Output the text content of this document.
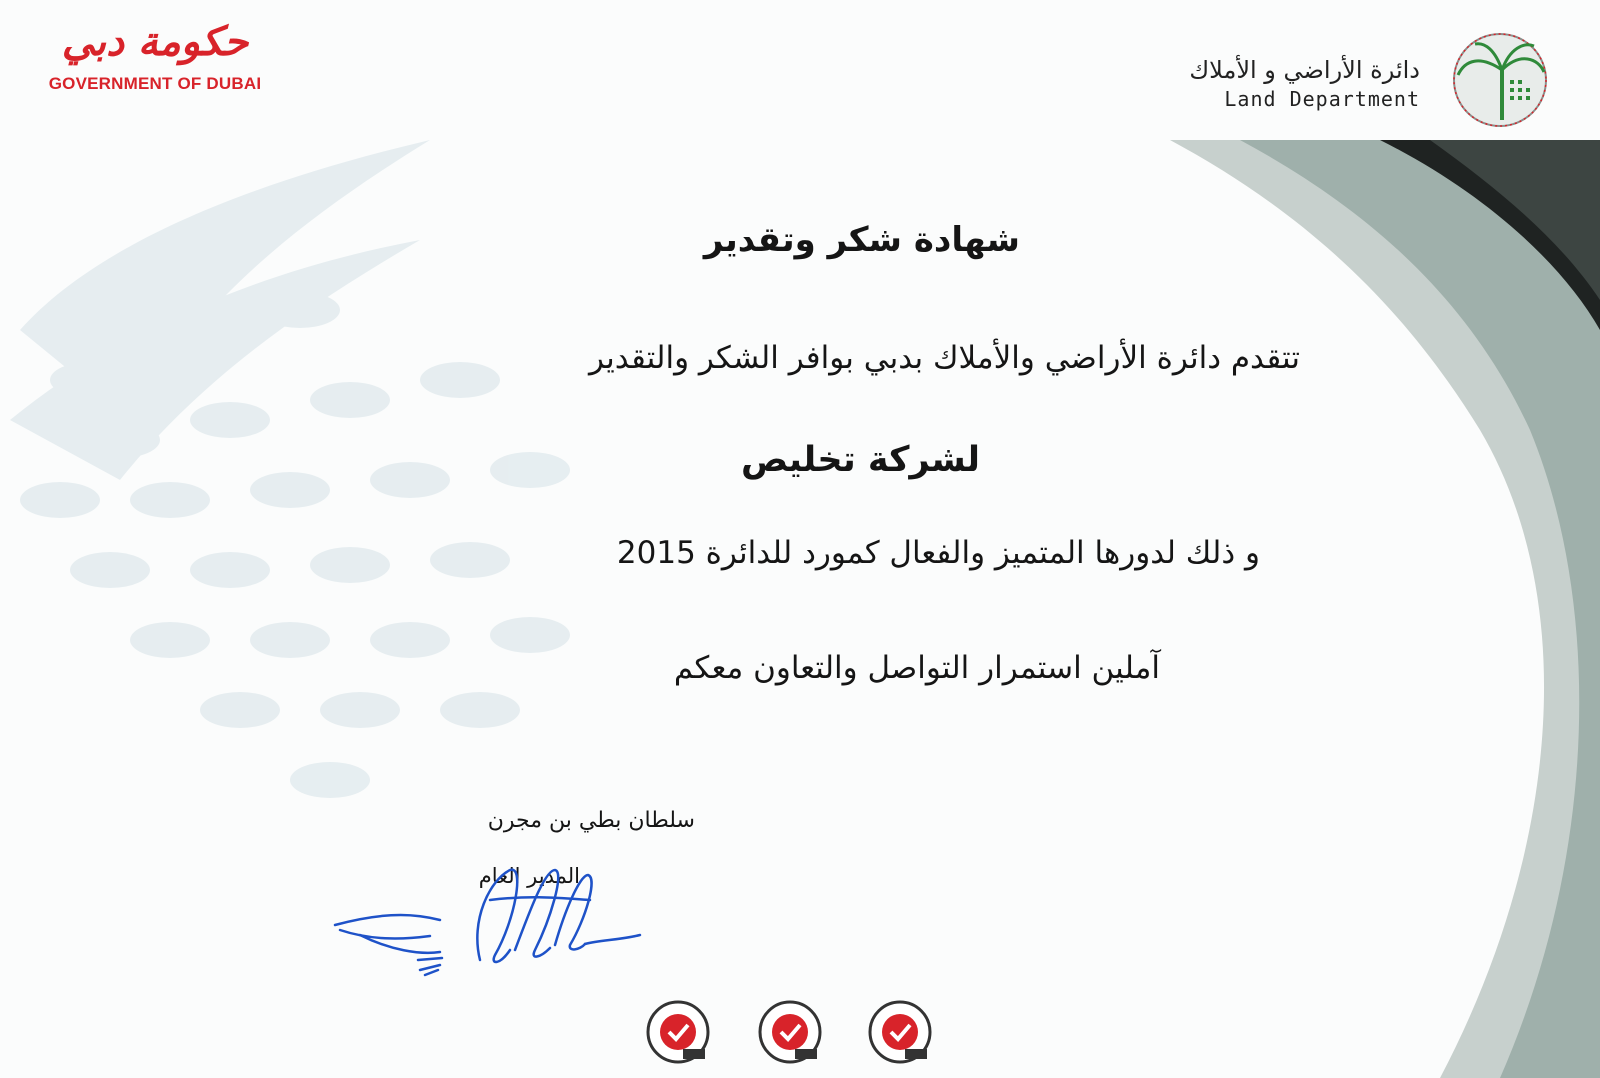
حكومة دبي
GOVERNMENT OF DUBAI	دائرة الأراضي و الأملاك
Land Department
شهادة شكر وتقدير
تتقدم دائرة الأراضي والأملاك بدبي بوافر الشكر والتقدير
لشركة تخليص
و ذلك لدورها المتميز والفعال كمورد للدائرة 2015
آملين استمرار التواصل والتعاون معكم
سلطان بطي بن مجرن
المدير العام
